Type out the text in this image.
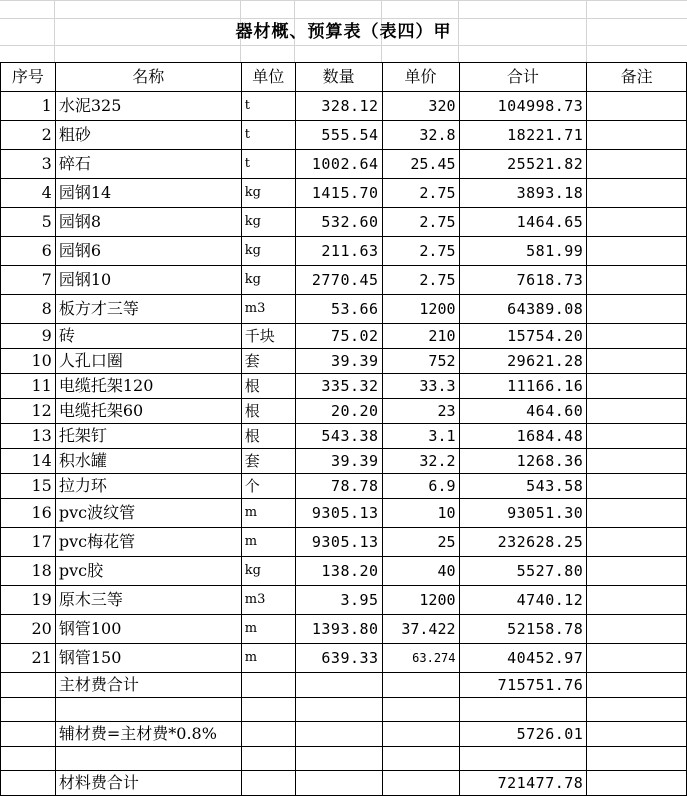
器材概、预算表（表四）甲
序号	名称	单位	数量	单价	合计	备注
1	水泥325	t	328.12	320	104998.73	
2	粗砂	t	555.54	32.8	18221.71	
3	碎石	t	1002.64	25.45	25521.82	
4	园钢14	kg	1415.70	2.75	3893.18	
5	园钢8	kg	532.60	2.75	1464.65	
6	园钢6	kg	211.63	2.75	581.99	
7	园钢10	kg	2770.45	2.75	7618.73	
8	板方才三等	m3	53.66	1200	64389.08	
9	砖	千块	75.02	210	15754.20	
10	人孔口圈	套	39.39	752	29621.28	
11	电缆托架120	根	335.32	33.3	11166.16	
12	电缆托架60	根	20.20	23	464.60	
13	托架钉	根	543.38	3.1	1684.48	
14	积水罐	套	39.39	32.2	1268.36	
15	拉力环	个	78.78	6.9	543.58	
16	pvc波纹管	m	9305.13	10	93051.30	
17	pvc梅花管	m	9305.13	25	232628.25	
18	pvc胶	kg	138.20	40	5527.80	
19	原木三等	m3	3.95	1200	4740.12	
20	钢管100	m	1393.80	37.422	52158.78	
21	钢管150	m	639.33	63.274	40452.97	
	主材费合计				715751.76	

	辅材费=主材费*0.8%				5726.01	

	材料费合计				721477.78	
